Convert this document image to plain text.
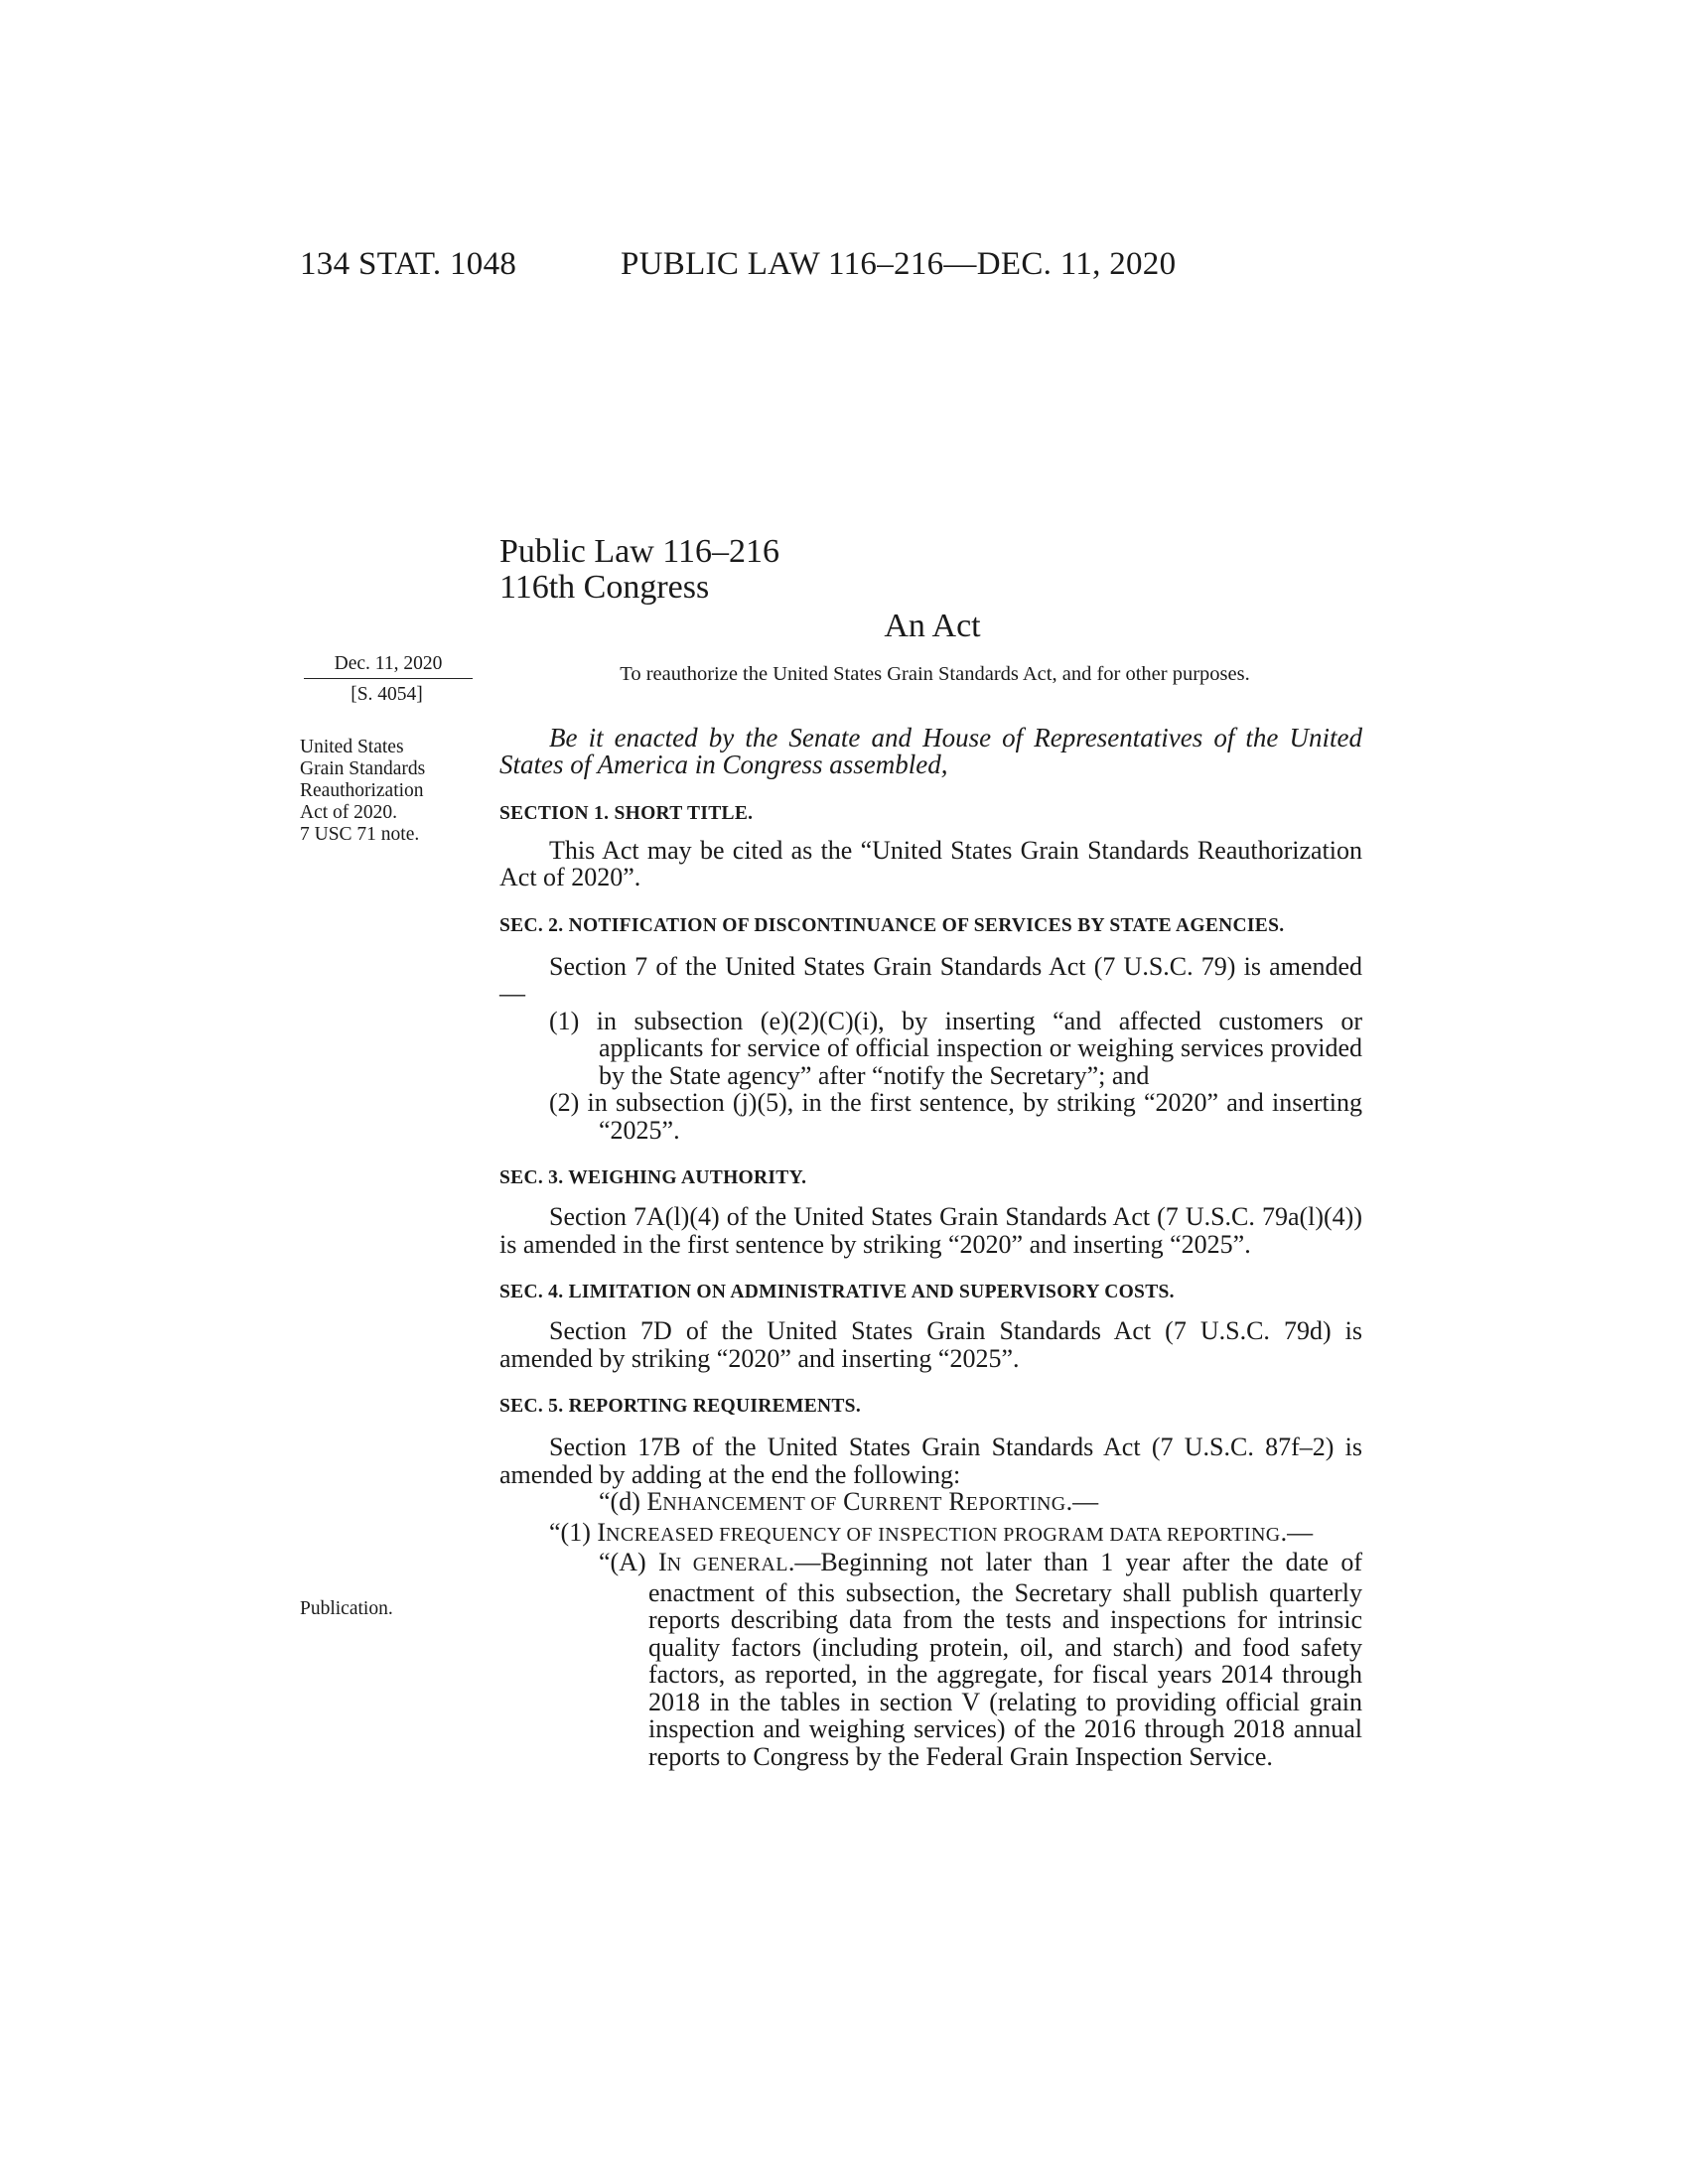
134 STAT. 1048	PUBLIC LAW 116–216—DEC. 11, 2020
Public Law 116–216
116th Congress
An Act
Dec. 11, 2020
[S. 4054]
United States
Grain Standards
Reauthorization
Act of 2020.
7 USC 71 note.
Publication.

To reauthorize the United States Grain Standards Act, and for other purposes.

Be it enacted by the Senate and House of Representatives of the United States of America in Congress assembled,

SECTION 1. SHORT TITLE.

This Act may be cited as the “United States Grain Standards Reauthorization Act of 2020”.

SEC. 2. NOTIFICATION OF DISCONTINUANCE OF SERVICES BY STATE AGENCIES.

Section 7 of the United States Grain Standards Act (7 U.S.C. 79) is amended—

(1) in subsection (e)(2)(C)(i), by inserting “and affected customers or applicants for service of official inspection or weighing services provided by the State agency” after “notify the Secretary”; and

(2) in subsection (j)(5), in the first sentence, by striking “2020” and inserting “2025”.

SEC. 3. WEIGHING AUTHORITY.

Section 7A(l)(4) of the United States Grain Standards Act (7 U.S.C. 79a(l)(4)) is amended in the first sentence by striking “2020” and inserting “2025”.

SEC. 4. LIMITATION ON ADMINISTRATIVE AND SUPERVISORY COSTS.

Section 7D of the United States Grain Standards Act (7 U.S.C. 79d) is amended by striking “2020” and inserting “2025”.

SEC. 5. REPORTING REQUIREMENTS.

Section 17B of the United States Grain Standards Act (7 U.S.C. 87f–2) is amended by adding at the end the following:

“(d) ENHANCEMENT OF CURRENT REPORTING.—

“(1) INCREASED FREQUENCY OF INSPECTION PROGRAM DATA REPORTING.—

“(A) IN GENERAL.—Beginning not later than 1 year after the date of enactment of this subsection, the Secretary shall publish quarterly reports describing data from the tests and inspections for intrinsic quality factors (including protein, oil, and starch) and food safety factors, as reported, in the aggregate, for fiscal years 2014 through 2018 in the tables in section V (relating to providing official grain inspection and weighing services) of the 2016 through 2018 annual reports to Congress by the Federal Grain Inspection Service.
